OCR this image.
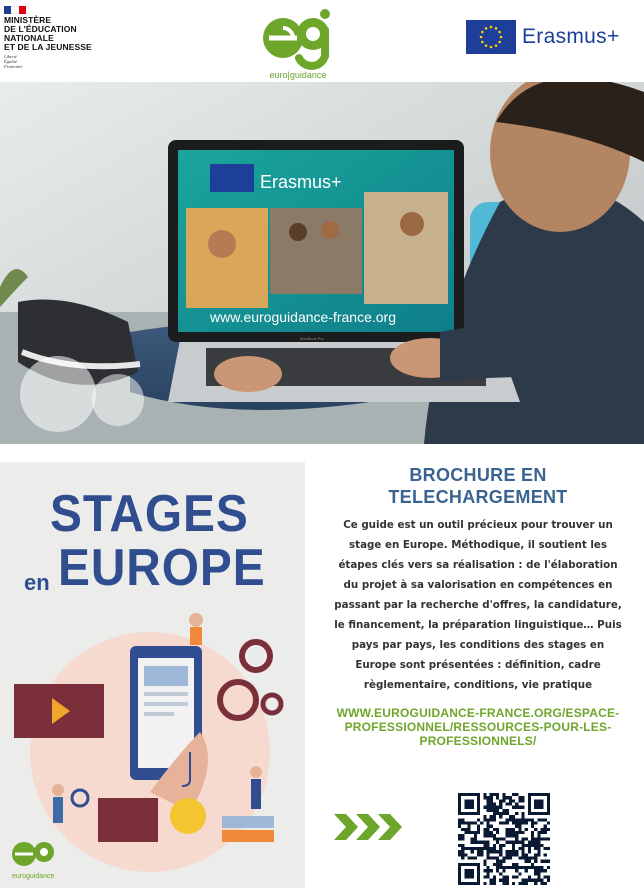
MINISTÈRE
DE L'ÉDUCATION
NATIONALE
ET DE LA JEUNESSE
Liberté
Égalité
Fraternité
euro|guidance
Erasmus+
Erasmus+
www.euroguidance-france.org
MacBook Pro
STAGES
EUROPE
en
euroguidance
BROCHURE EN
TELECHARGEMENT
Ce guide est un outil précieux pour trouver un
stage en Europe. Méthodique, il soutient les
étapes clés vers sa réalisation : de l'élaboration
du projet à sa valorisation en compétences en
passant par la recherche d'offres, la candidature,
le financement, la préparation linguistique… Puis
pays par pays, les conditions des stages en
Europe sont présentées : définition, cadre
règlementaire, conditions, vie pratique
WWW.EUROGUIDANCE-FRANCE.ORG/ESPACE-
PROFESSIONNEL/RESSOURCES-POUR-LES-
PROFESSIONNELS/
